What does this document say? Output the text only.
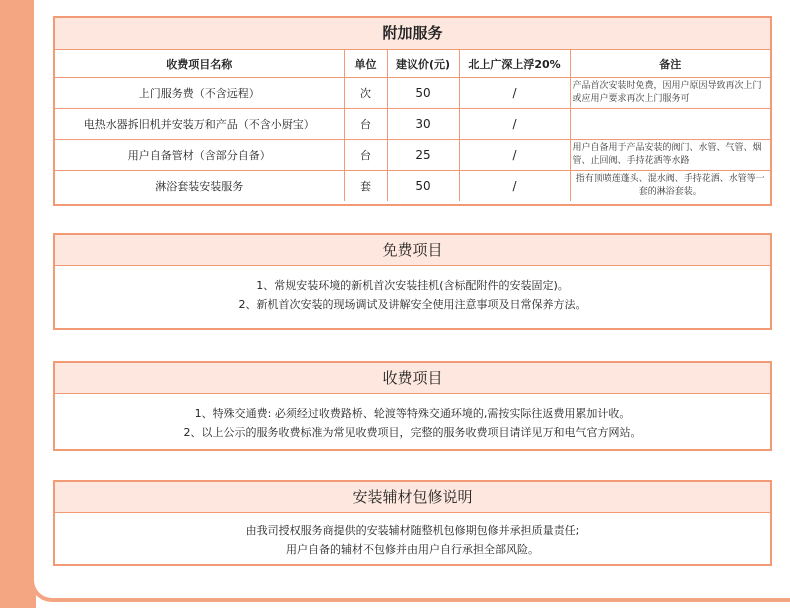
附加服务
收费项目名称	单位	建议价(元)	北上广深上浮20%	备注
上门服务费（不含远程）	次	50	/	产品首次安装时免费，因用户原因导致再次上门或应用户要求再次上门服务可
电热水器拆旧机并安装万和产品（不含小厨宝）	台	30	/	
用户自备管材（含部分自备）	台	25	/	用户自备用于产品安装的阀门、水管、气管、烟管、止回阀、手持花洒等水路
淋浴套装安装服务	套	50	/	指有顶喷莲蓬头、混水阀、手持花洒、水管等一套的淋浴套装。
免费项目
1、常规安装环境的新机首次安装挂机(含标配附件的安装固定)。
2、新机首次安装的现场调试及讲解安全使用注意事项及日常保养方法。
收费项目
1、特殊交通费: 必须经过收费路桥、轮渡等特殊交通环境的,需按实际往返费用累加计收。
2、以上公示的服务收费标准为常见收费项目，完整的服务收费项目请详见万和电气官方网站。
安装辅材包修说明
由我司授权服务商提供的安装辅材随整机包修期包修并承担质量责任;
用户自备的辅材不包修并由用户自行承担全部风险。
